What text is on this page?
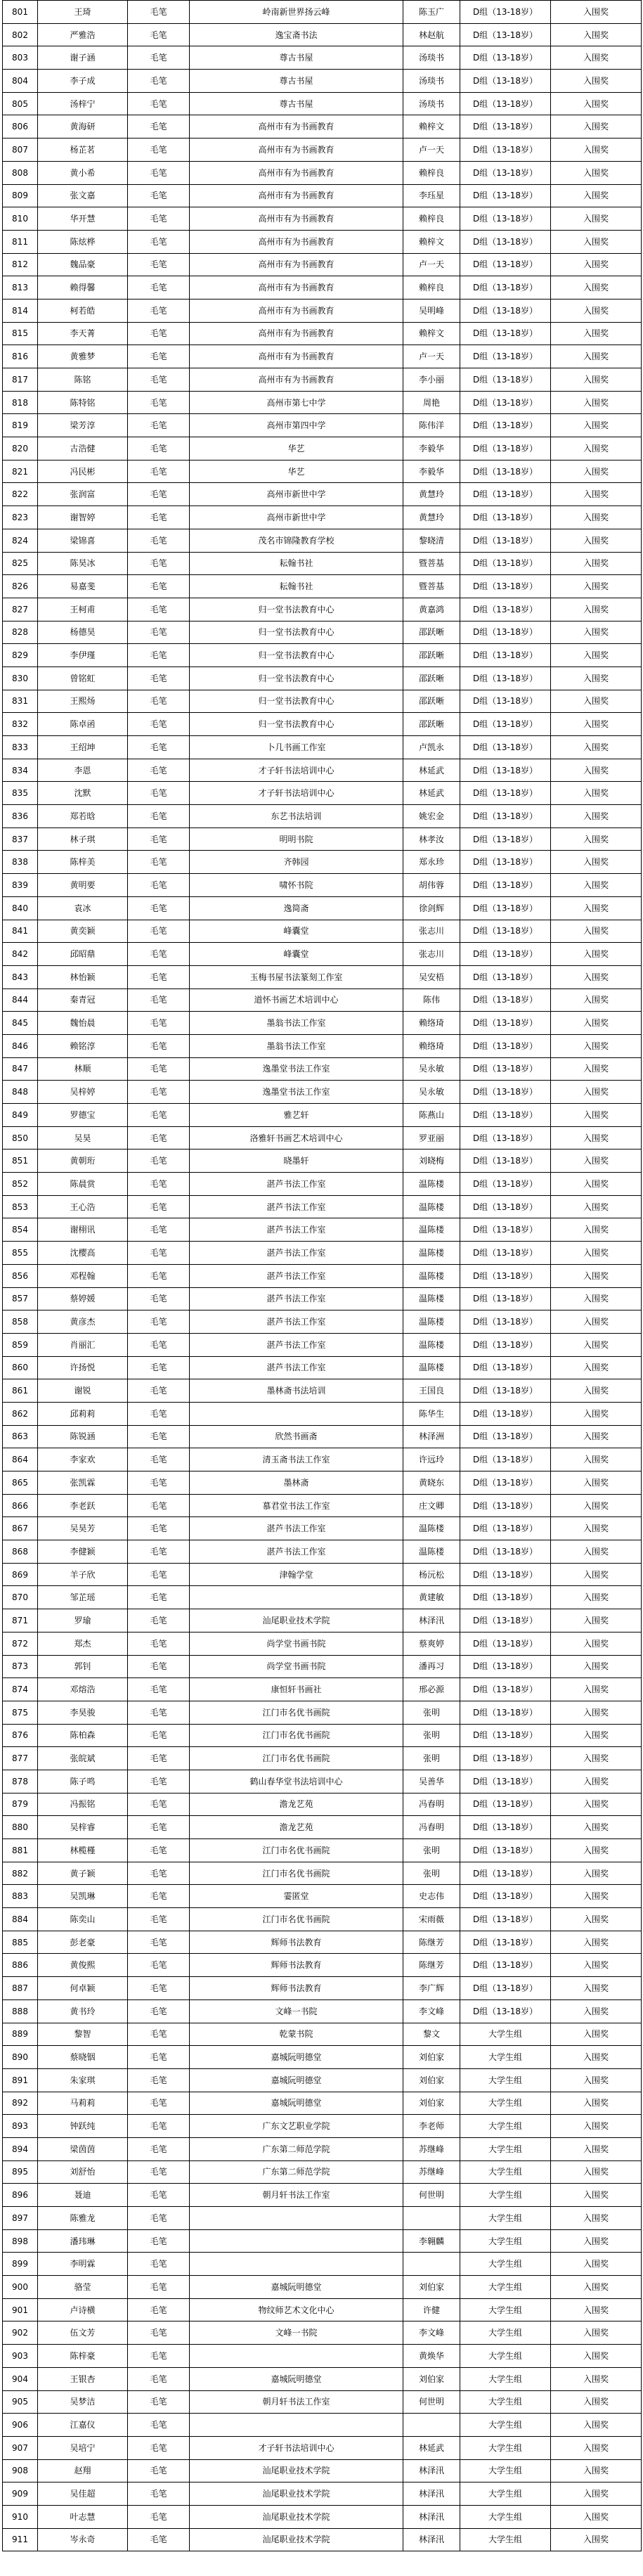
801	王琦	毛笔	岭南新世界扬云峰	陈玉广	D组（13-18岁）	入围奖
802	严雅浩	毛笔	逸宝斋书法	林赵航	D组（13-18岁）	入围奖
803	谢子涵	毛笔	尊古书屋	汤琰书	D组（13-18岁）	入围奖
804	李子成	毛笔	尊古书屋	汤琰书	D组（13-18岁）	入围奖
805	汤梓宁	毛笔	尊古书屋	汤琰书	D组（13-18岁）	入围奖
806	黄海研	毛笔	高州市有为书画教育	赖梓文	D组（13-18岁）	入围奖
807	杨芷茗	毛笔	高州市有为书画教育	卢一天	D组（13-18岁）	入围奖
808	黄小希	毛笔	高州市有为书画教育	赖梓良	D组（13-18岁）	入围奖
809	张文嘉	毛笔	高州市有为书画教育	李珏星	D组（13-18岁）	入围奖
810	华开慧	毛笔	高州市有为书画教育	赖梓良	D组（13-18岁）	入围奖
811	陈炫桦	毛笔	高州市有为书画教育	赖梓文	D组（13-18岁）	入围奖
812	魏品豪	毛笔	高州市有为书画教育	卢一天	D组（13-18岁）	入围奖
813	赖得馨	毛笔	高州市有为书画教育	赖梓良	D组（13-18岁）	入围奖
814	柯若皓	毛笔	高州市有为书画教育	吴明峰	D组（13-18岁）	入围奖
815	李天菁	毛笔	高州市有为书画教育	赖梓文	D组（13-18岁）	入围奖
816	黄雅梦	毛笔	高州市有为书画教育	卢一天	D组（13-18岁）	入围奖
817	陈铭	毛笔	高州市有为书画教育	李小丽	D组（13-18岁）	入围奖
818	陈特铭	毛笔	高州市第七中学	周艳	D组（13-18岁）	入围奖
819	梁芳淳	毛笔	高州市第四中学	陈伟洋	D组（13-18岁）	入围奖
820	古浩健	毛笔	华艺	李毅华	D组（13-18岁）	入围奖
821	冯民彬	毛笔	华艺	李毅华	D组（13-18岁）	入围奖
822	张润富	毛笔	高州市新世中学	黄慧玲	D组（13-18岁）	入围奖
823	谢智婷	毛笔	高州市新世中学	黄慧玲	D组（13-18岁）	入围奖
824	梁锦喜	毛笔	茂名市锦隆教育学校	黎晓清	D组（13-18岁）	入围奖
825	陈昊冰	毛笔	耘翰书社	暨菩基	D组（13-18岁）	入围奖
826	易嘉斐	毛笔	耘翰书社	暨菩基	D组（13-18岁）	入围奖
827	王柯甫	毛笔	归一堂书法教育中心	黄嘉鸿	D组（13-18岁）	入围奖
828	杨德昊	毛笔	归一堂书法教育中心	邵跃晰	D组（13-18岁）	入围奖
829	李伊瑾	毛笔	归一堂书法教育中心	邵跃晰	D组（13-18岁）	入围奖
830	曾铭虹	毛笔	归一堂书法教育中心	邵跃晰	D组（13-18岁）	入围奖
831	王熙炀	毛笔	归一堂书法教育中心	邵跃晰	D组（13-18岁）	入围奖
832	陈卓函	毛笔	归一堂书法教育中心	邵跃晰	D组（13-18岁）	入围奖
833	王绍坤	毛笔	卜几书画工作室	卢凯永	D组（13-18岁）	入围奖
834	李恩	毛笔	才子轩书法培训中心	林延武	D组（13-18岁）	入围奖
835	沈默	毛笔	才子轩书法培训中心	林延武	D组（13-18岁）	入围奖
836	郑若晗	毛笔	东艺书法培训	姚宏金	D组（13-18岁）	入围奖
837	林子琪	毛笔	明明书院	林孝汝	D组（13-18岁）	入围奖
838	陈梓美	毛笔	齐韩园	郑永珍	D组（13-18岁）	入围奖
839	黄明要	毛笔	啸怀书院	胡伟蓉	D组（13-18岁）	入围奖
840	袁冰	毛笔	逸简斋	徐剑辉	D组（13-18岁）	入围奖
841	黄奕颖	毛笔	峰囊堂	张志川	D组（13-18岁）	入围奖
842	邱昭鼎	毛笔	峰囊堂	张志川	D组（13-18岁）	入围奖
843	林怡颖	毛笔	玉梅书屋书法篆刻工作室	吴安梧	D组（13-18岁）	入围奖
844	秦青冠	毛笔	道怀书画艺术培训中心	陈伟	D组（13-18岁）	入围奖
845	魏怡晨	毛笔	墨翁书法工作室	赖络琦	D组（13-18岁）	入围奖
846	赖铭淳	毛笔	墨翁书法工作室	赖络琦	D组（13-18岁）	入围奖
847	林顺	毛笔	逸墨堂书法工作室	吴永敏	D组（13-18岁）	入围奖
848	吴梓婷	毛笔	逸墨堂书法工作室	吴永敏	D组（13-18岁）	入围奖
849	罗德宝	毛笔	雅艺轩	陈燕山	D组（13-18岁）	入围奖
850	吴昊	毛笔	洛雅轩书画艺术培训中心	罗亚丽	D组（13-18岁）	入围奖
851	黄朝珩	毛笔	晓墨轩	刘晓梅	D组（13-18岁）	入围奖
852	陈晨赏	毛笔	湛芦书法工作室	温陈楼	D组（13-18岁）	入围奖
853	王心浩	毛笔	湛芦书法工作室	温陈楼	D组（13-18岁）	入围奖
854	谢栩讯	毛笔	湛芦书法工作室	温陈楼	D组（13-18岁）	入围奖
855	沈樱高	毛笔	湛芦书法工作室	温陈楼	D组（13-18岁）	入围奖
856	邓程翰	毛笔	湛芦书法工作室	温陈楼	D组（13-18岁）	入围奖
857	蔡婷媛	毛笔	湛芦书法工作室	温陈楼	D组（13-18岁）	入围奖
858	黄彦杰	毛笔	湛芦书法工作室	温陈楼	D组（13-18岁）	入围奖
859	肖丽汇	毛笔	湛芦书法工作室	温陈楼	D组（13-18岁）	入围奖
860	许扬悦	毛笔	湛芦书法工作室	温陈楼	D组（13-18岁）	入围奖
861	谢锐	毛笔	墨林斋书法培训	王国良	D组（13-18岁）	入围奖
862	邱莉莉	毛笔		陈华生	D组（13-18岁）	入围奖
863	陈锐涵	毛笔	欣然书画斋	林泽洲	D组（13-18岁）	入围奖
864	李家欢	毛笔	清玉斋书法工作室	许远玲	D组（13-18岁）	入围奖
865	张凯霖	毛笔	墨林斋	黄晓东	D组（13-18岁）	入围奖
866	李老跃	毛笔	慕君堂书法工作室	庄文卿	D组（13-18岁）	入围奖
867	吴昊芳	毛笔	湛芦书法工作室	温陈楼	D组（13-18岁）	入围奖
868	李健颖	毛笔	湛芦书法工作室	温陈楼	D组（13-18岁）	入围奖
869	羊子欣	毛笔	津翰学堂	杨沅松	D组（13-18岁）	入围奖
870	邹芷瑶	毛笔		黄建敏	D组（13-18岁）	入围奖
871	罗瑜	毛笔	汕尾职业技术学院	林泽汛	D组（13-18岁）	入围奖
872	郑杰	毛笔	尚学堂书画书院	蔡爽婷	D组（13-18岁）	入围奖
873	郭钊	毛笔	尚学堂书画书院	潘再习	D组（13-18岁）	入围奖
874	邓熔浩	毛笔	康恒轩书画社	邢必源	D组（13-18岁）	入围奖
875	李昊骏	毛笔	江门市名优书画院	张明	D组（13-18岁）	入围奖
876	陈柏森	毛笔	江门市名优书画院	张明	D组（13-18岁）	入围奖
877	张皖斌	毛笔	江门市名优书画院	张明	D组（13-18岁）	入围奖
878	陈子鸣	毛笔	鹤山春华堂书法培训中心	吴善华	D组（13-18岁）	入围奖
879	冯振铭	毛笔	澹龙艺苑	冯春明	D组（13-18岁）	入围奖
880	吴梓睿	毛笔	澹龙艺苑	冯春明	D组（13-18岁）	入围奖
881	林榄槿	毛笔	江门市名优书画院	张明	D组（13-18岁）	入围奖
882	黄子颖	毛笔	江门市名优书画院	张明	D组（13-18岁）	入围奖
883	吴凯琳	毛笔	霎匿堂	史志伟	D组（13-18岁）	入围奖
884	陈奕山	毛笔	江门市名优书画院	宋雨薇	D组（13-18岁）	入围奖
885	彭老豪	毛笔	辉师书法教育	陈继芳	D组（13-18岁）	入围奖
886	黄俊熙	毛笔	辉师书法教育	陈继芳	D组（13-18岁）	入围奖
887	何卓颖	毛笔	辉师书法教育	李广辉	D组（13-18岁）	入围奖
888	黄书玲	毛笔	文峰一书院	李文峰	D组（13-18岁）	入围奖
889	黎智	毛笔	乾蒙书院	黎文	大学生组	入围奖
890	蔡晓铟	毛笔	嘉城阮明德堂	刘伯家	大学生组	入围奖
891	朱家琪	毛笔	嘉城阮明德堂	刘伯家	大学生组	入围奖
892	马莉莉	毛笔	嘉城阮明德堂	刘伯家	大学生组	入围奖
893	钟跃纯	毛笔	广东文艺职业学院	李老师	大学生组	入围奖
894	梁茵茵	毛笔	广东第二师范学院	苏继峰	大学生组	入围奖
895	刘舒怡	毛笔	广东第二师范学院	苏继峰	大学生组	入围奖
896	聂迪	毛笔	朝月轩书法工作室	何世明	大学生组	入围奖
897	陈雅龙	毛笔			大学生组	入围奖
898	潘玮琳	毛笔		李翱麟	大学生组	入围奖
899	李明霖	毛笔			大学生组	入围奖
900	骆莹	毛笔	嘉城阮明德堂	刘伯家	大学生组	入围奖
901	卢诗横	毛笔	物纹师艺术文化中心	许健	大学生组	入围奖
902	伍文芳	毛笔	文峰一书院	李文峰	大学生组	入围奖
903	陈梓豪	毛笔		黄焕华	大学生组	入围奖
904	王银杏	毛笔	嘉城阮明德堂	刘伯家	大学生组	入围奖
905	吴梦洁	毛笔	朝月轩书法工作室	何世明	大学生组	入围奖
906	江嘉仪	毛笔			大学生组	入围奖
907	吴培宁	毛笔	才子轩书法培训中心	林延武	大学生组	入围奖
908	赵翔	毛笔	汕尾职业技术学院	林泽汛	大学生组	入围奖
909	吴佳超	毛笔	汕尾职业技术学院	林泽汛	大学生组	入围奖
910	叶志慧	毛笔	汕尾职业技术学院	林泽汛	大学生组	入围奖
911	岑永奇	毛笔	汕尾职业技术学院	林泽汛	大学生组	入围奖
